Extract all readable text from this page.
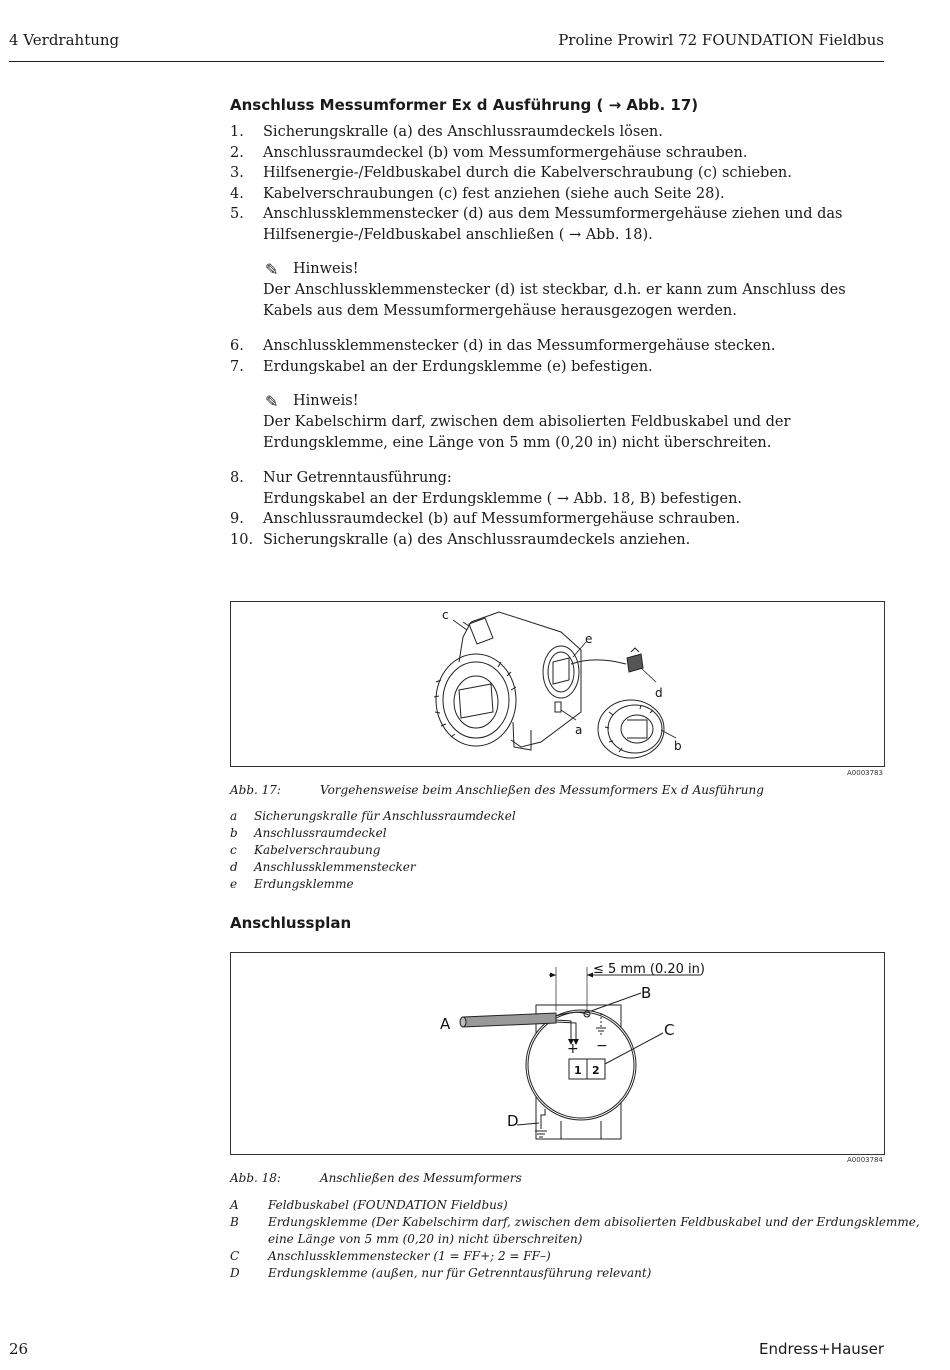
4 Verdrahtung	Proline Prowirl 72 FOUNDATION Fieldbus
Anschluss Messumformer Ex d Ausführung ( → Abb. 17)
1. Sicherungskralle (a) des Anschlussraumdeckels lösen.
2. Anschlussraumdeckel (b) vom Messumformergehäuse schrauben.
3. Hilfsenergie-/Feldbuskabel durch die Kabelverschraubung (c) schieben.
4. Kabelverschraubungen (c) fest anziehen (siehe auch Seite 28).
5. Anschlussklemmenstecker (d) aus dem Messumformergehäuse ziehen und das Hilfsenergie-/Feldbuskabel anschließen ( → Abb. 18).
✎	Hinweis!
Der Anschlussklemmenstecker (d) ist steckbar, d.h. er kann zum Anschluss des Kabels aus dem Messumformergehäuse herausgezogen werden.
6. Anschlussklemmenstecker (d) in das Messumformergehäuse stecken.
7. Erdungskabel an der Erdungsklemme (e) befestigen.
✎	Hinweis!
Der Kabelschirm darf, zwischen dem abisolierten Feldbuskabel und der Erdungsklemme, eine Länge von 5 mm (0,20 in) nicht überschreiten.
8. Nur Getrenntausführung:
Erdungskabel an der Erdungsklemme ( → Abb. 18, B) befestigen.
9. Anschlussraumdeckel (b) auf Messumformergehäuse schrauben.
10. Sicherungskralle (a) des Anschlussraumdeckels anziehen.
c
e
d
a
b
A0003783
Abb. 17:	Vorgehensweise beim Anschließen des Messumformers Ex d Ausführung
a	Sicherungskralle für Anschlussraumdeckel
b	Anschlussraumdeckel
c	Kabelverschraubung
d	Anschlussklemmenstecker
e	Erdungsklemme
Anschlussplan
≤ 5 mm (0.20 in)
B
A	C
D
+ −
1 2
A0003784
Abb. 18:	Anschließen des Messumformers
A	Feldbuskabel (FOUNDATION Fieldbus)
B	Erdungsklemme (Der Kabelschirm darf, zwischen dem abisolierten Feldbuskabel und der Erdungsklemme,
eine Länge von 5 mm (0,20 in) nicht überschreiten)
C	Anschlussklemmenstecker (1 = FF+; 2 = FF–)
D	Erdungsklemme (außen, nur für Getrenntausführung relevant)
26	Endress+Hauser
